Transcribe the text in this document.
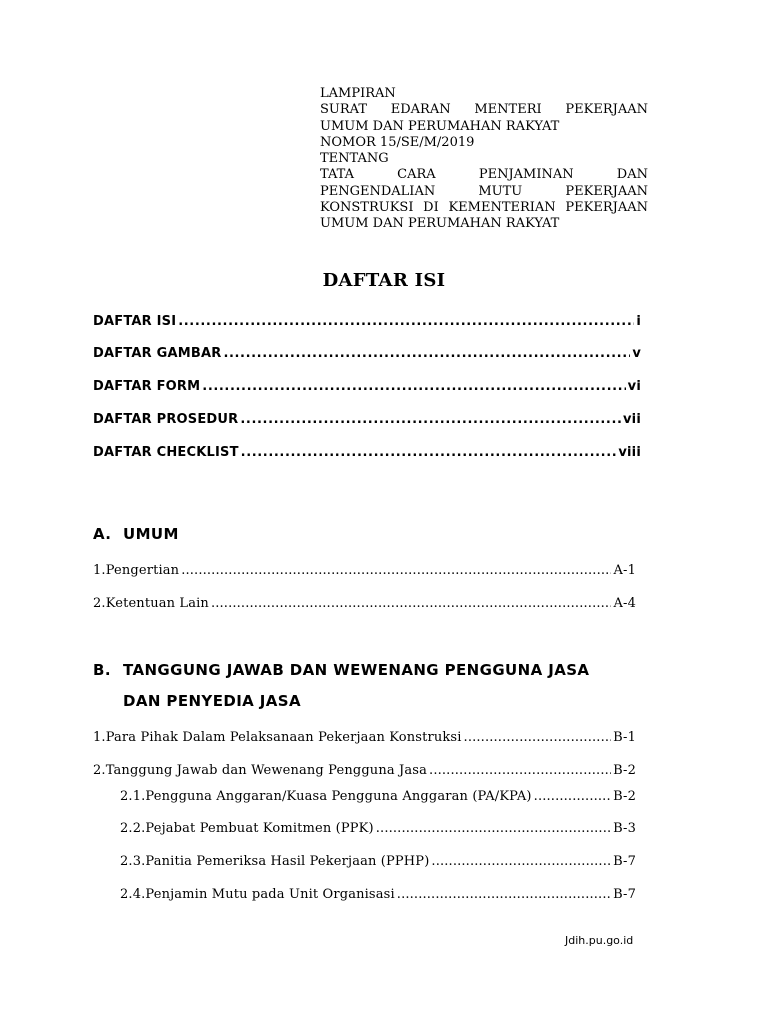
LAMPIRAN
SURAT EDARAN MENTERI PEKERJAAN
UMUM DAN PERUMAHAN RAKYAT
NOMOR 15/SE/M/2019
TENTANG
TATA CARA PENJAMINAN DAN
PENGENDALIAN MUTU PEKERJAAN
KONSTRUKSI DI KEMENTERIAN PEKERJAAN
UMUM DAN PERUMAHAN RAKYAT
DAFTAR ISI
DAFTAR ISI .....	i
DAFTAR GAMBAR .....	v
DAFTAR FORM .....	vi
DAFTAR PROSEDUR .....	vii
DAFTAR CHECKLIST .....	viii
A. UMUM
1. Pengertian .....	A-1
2. Ketentuan Lain .....	A-4
B. TANGGUNG JAWAB DAN WEWENANG PENGGUNA JASA
DAN PENYEDIA JASA
1. Para Pihak Dalam Pelaksanaan Pekerjaan Konstruksi .....	B-1
2. Tanggung Jawab dan Wewenang Pengguna Jasa .....	B-2
2.1. Pengguna Anggaran/Kuasa Pengguna Anggaran (PA/KPA) .....	B-2
2.2. Pejabat Pembuat Komitmen (PPK) .....	B-3
2.3. Panitia Pemeriksa Hasil Pekerjaan (PPHP) .....	B-7
2.4. Penjamin Mutu pada Unit Organisasi .....	B-7
Jdih.pu.go.id
